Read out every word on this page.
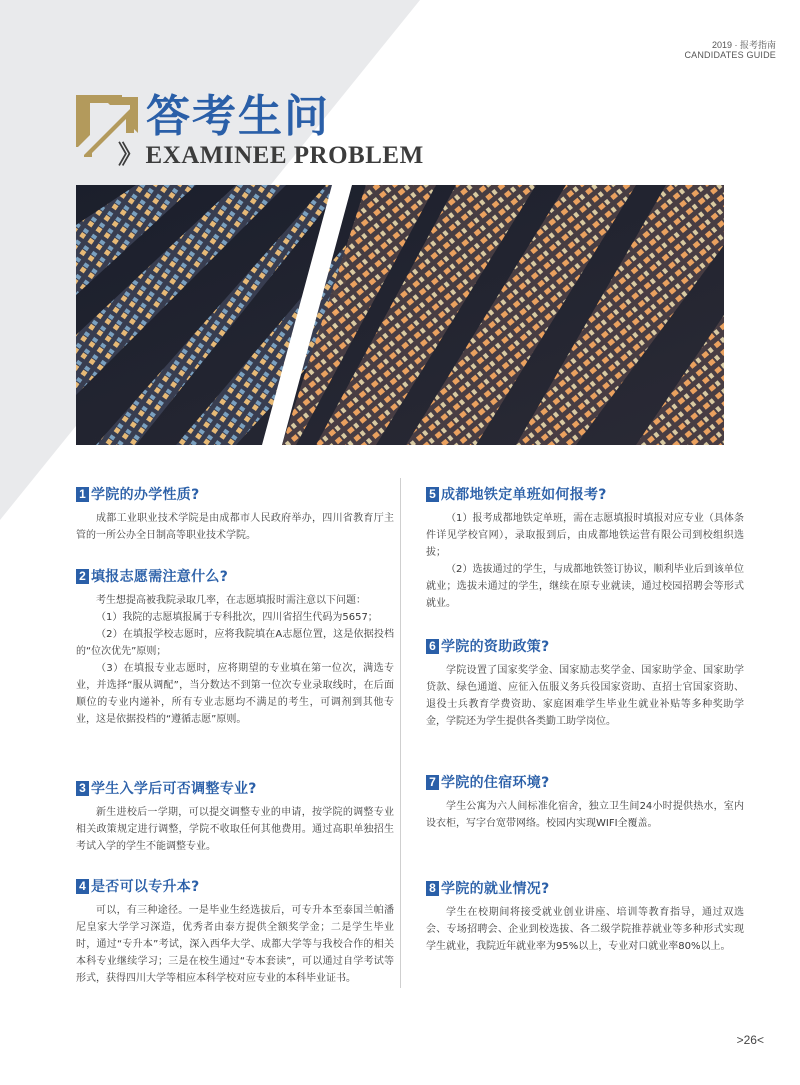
2019 · 报考指南
CANDIDATES GUIDE
答考生问
》EXAMINEE PROBLEM
1 学院的办学性质?

成都工业职业技术学院是由成都市人民政府举办，四川省教育厅主管的一所公办全日制高等职业技术学院。

2 填报志愿需注意什么?

考生想提高被我院录取几率，在志愿填报时需注意以下问题：

（1）我院的志愿填报属于专科批次，四川省招生代码为5657；

（2）在填报学校志愿时，应将我院填在A志愿位置，这是依据投档的“位次优先”原则；

（3）在填报专业志愿时，应将期望的专业填在第一位次，满选专业，并选择“服从调配”，当分数达不到第一位次专业录取线时，在后面顺位的专业内递补，所有专业志愿均不满足的考生，可调剂到其他专业，这是依据投档的“遵循志愿”原则。

3 学生入学后可否调整专业?

新生进校后一学期，可以提交调整专业的申请，按学院的调整专业相关政策规定进行调整，学院不收取任何其他费用。通过高职单独招生考试入学的学生不能调整专业。

4 是否可以专升本?

可以，有三种途径。一是毕业生经选拔后，可专升本至泰国兰帕潘尼皇家大学学习深造，优秀者由泰方提供全额奖学金；二是学生毕业时，通过“专升本”考试，深入西华大学、成都大学等与我校合作的相关本科专业继续学习；三是在校生通过“专本套读”，可以通过自学考试等形式，获得四川大学等相应本科学校对应专业的本科毕业证书。

5 成都地铁定单班如何报考?

（1）报考成都地铁定单班，需在志愿填报时填报对应专业（具体条件详见学校官网），录取报到后，由成都地铁运营有限公司到校组织选拔；

（2）选拔通过的学生，与成都地铁签订协议，顺利毕业后到该单位就业；选拔未通过的学生，继续在原专业就读，通过校园招聘会等形式就业。

6 学院的资助政策?

学院设置了国家奖学金、国家励志奖学金、国家助学金、国家助学贷款、绿色通道、应征入伍服义务兵役国家资助、直招士官国家资助、退役士兵教育学费资助、家庭困难学生毕业生就业补贴等多种奖助学金，学院还为学生提供各类勤工助学岗位。

7 学院的住宿环境?

学生公寓为六人间标准化宿舍，独立卫生间24小时提供热水，室内设衣柜，写字台宽带网络。校园内实现WIFI全覆盖。

8 学院的就业情况?

学生在校期间将接受就业创业讲座、培训等教育指导，通过双选会、专场招聘会、企业到校选拔、各二级学院推荐就业等多种形式实现学生就业，我院近年就业率为95%以上，专业对口就业率80%以上。

>26<
